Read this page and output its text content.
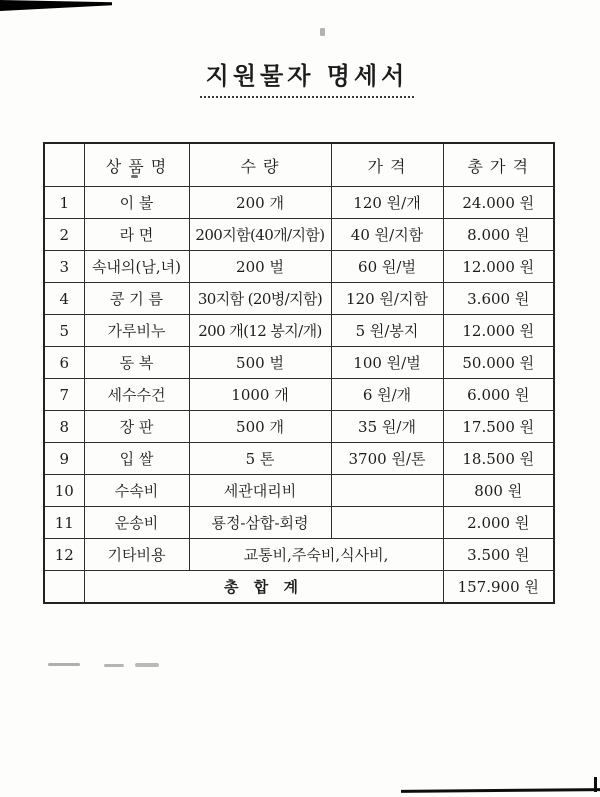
지원물자 명세서
	상 품 명	수 량	가 격	총 가 격
1	이 불	200 개	120 원/개	24.000 원
2	라 면	200지함(40개/지함)	40 원/지함	8.000 원
3	속내의(남,녀)	200 벌	60 원/벌	12.000 원
4	콩 기 름	30지함 (20병/지함)	120 원/지함	3.600 원
5	가루비누	200 개(12 봉지/개)	5 원/봉지	12.000 원
6	동 복	500 벌	100 원/벌	50.000 원
7	세수수건	1000 개	6 원/개	6.000 원
8	장 판	500 개	35 원/개	17.500 원
9	입 쌀	5 톤	3700 원/톤	18.500 원
10	수속비	세관대리비		800 원
11	운송비	룡정-삼합-회령		2.000 원
12	기타비용	교통비,주숙비,식사비,		3.500 원
	총 합 계			157.900 원
